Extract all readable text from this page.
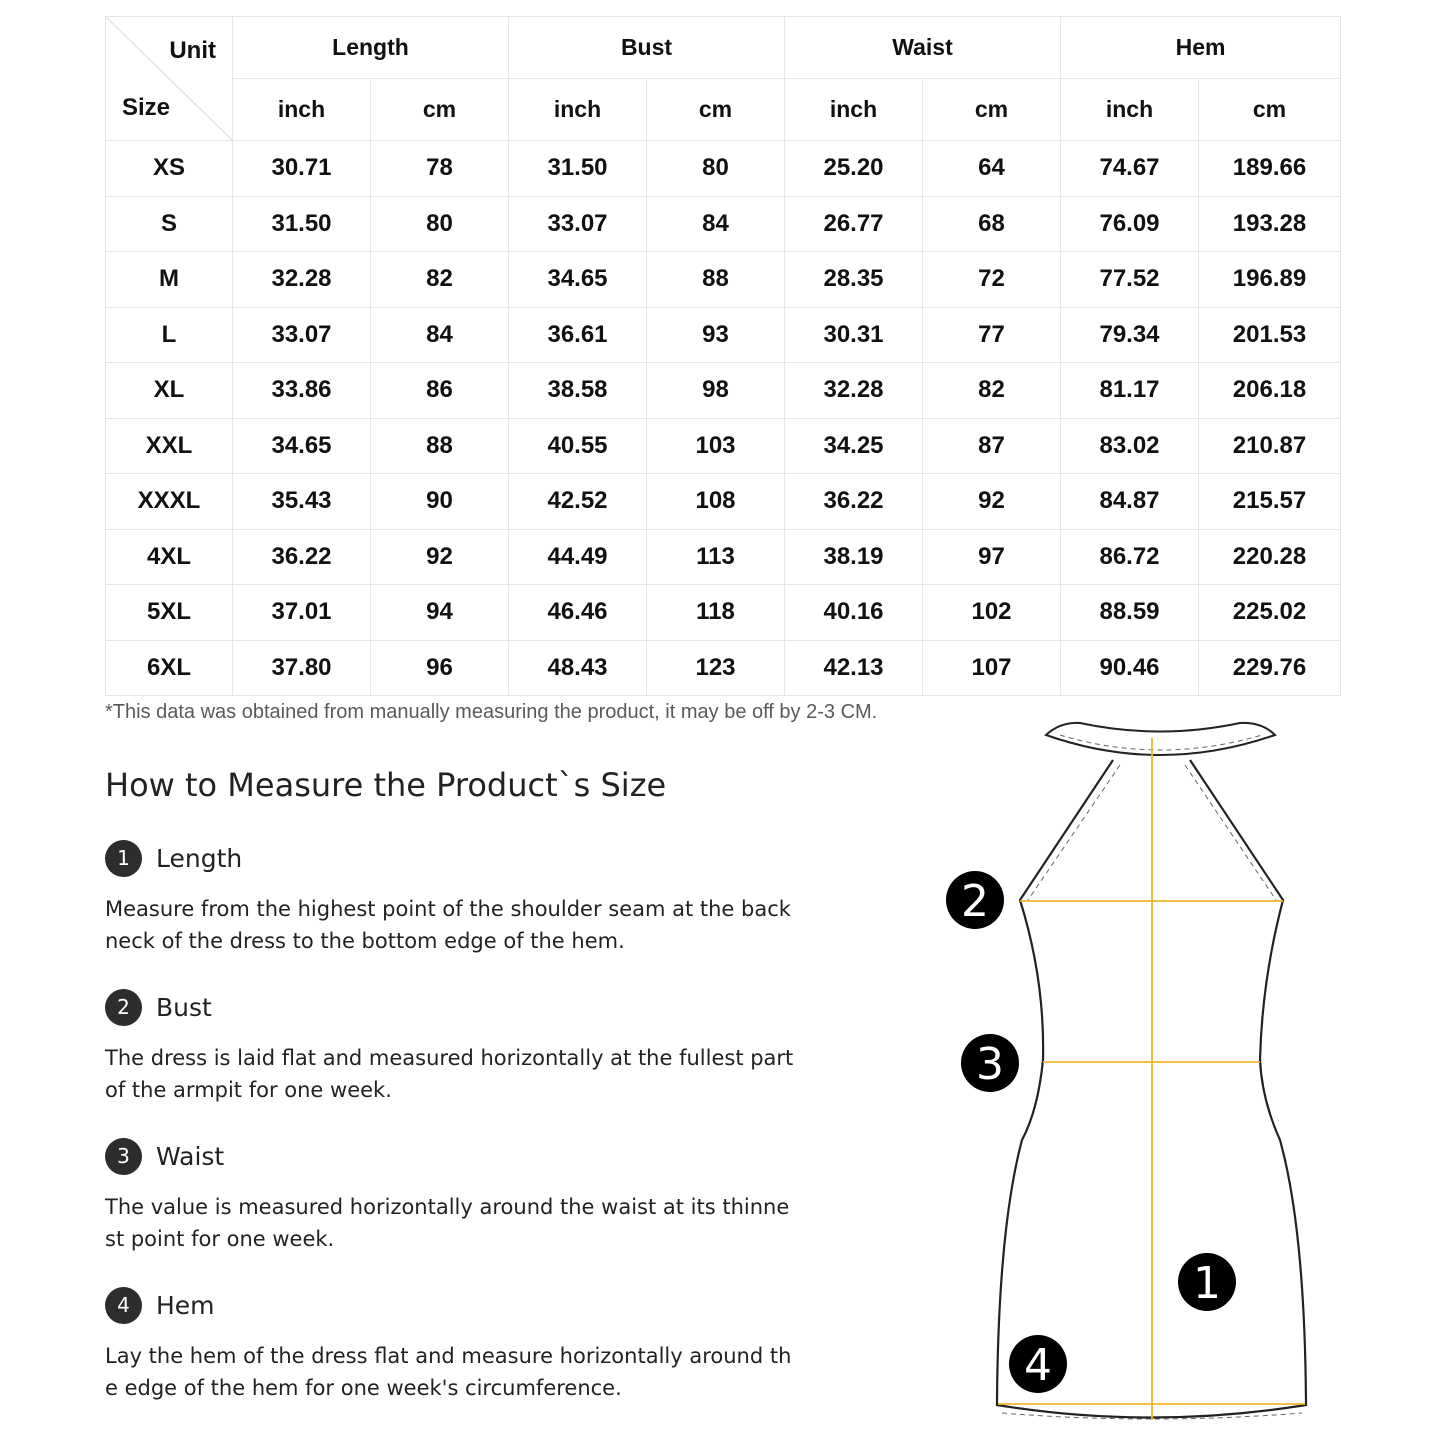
Unit
Size	Length		Bust		Waist		Hem	
	inch	cm	inch	cm	inch	cm	inch	cm
XS	30.71	78	31.50	80	25.20	64	74.67	189.66
S	31.50	80	33.07	84	26.77	68	76.09	193.28
M	32.28	82	34.65	88	28.35	72	77.52	196.89
L	33.07	84	36.61	93	30.31	77	79.34	201.53
XL	33.86	86	38.58	98	32.28	82	81.17	206.18
XXL	34.65	88	40.55	103	34.25	87	83.02	210.87
XXXL	35.43	90	42.52	108	36.22	92	84.87	215.57
4XL	36.22	92	44.49	113	38.19	97	86.72	220.28
5XL	37.01	94	46.46	118	40.16	102	88.59	225.02
6XL	37.80	96	48.43	123	42.13	107	90.46	229.76
*This data was obtained from manually measuring the product, it may be off by 2-3 CM.
How to Measure the Product`s Size
1	Length
Measure from the highest point of the shoulder seam at the back neck of the dress to the bottom edge of the hem.
2	Bust
The dress is laid flat and measured horizontally at the fullest part of the armpit for one week.
3	Waist
The value is measured horizontally around the waist at its thinnest point for one week.
4	Hem
Lay the hem of the dress flat and measure horizontally around the edge of the hem for one week's circumference.
2
3
1
4
